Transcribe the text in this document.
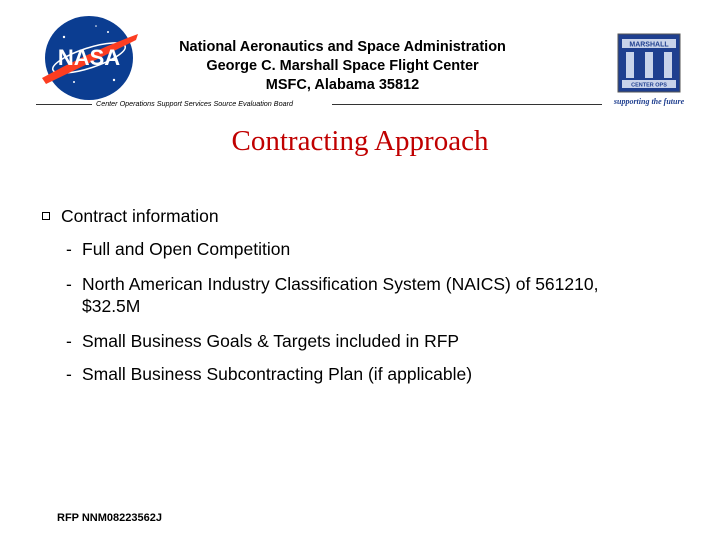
NASA	National Aeronautics and Space Administration
George C. Marshall Space Flight Center
MSFC, Alabama 35812
Center Operations Support Services Source Evaluation Board
MARSHALL
CENTER OPS
supporting the future
Contracting Approach
Contract information
- Full and Open Competition
- North American Industry Classification System (NAICS) of 561210,
$32.5M
- Small Business Goals & Targets included in RFP
- Small Business Subcontracting Plan (if applicable)
RFP NNM08223562J
